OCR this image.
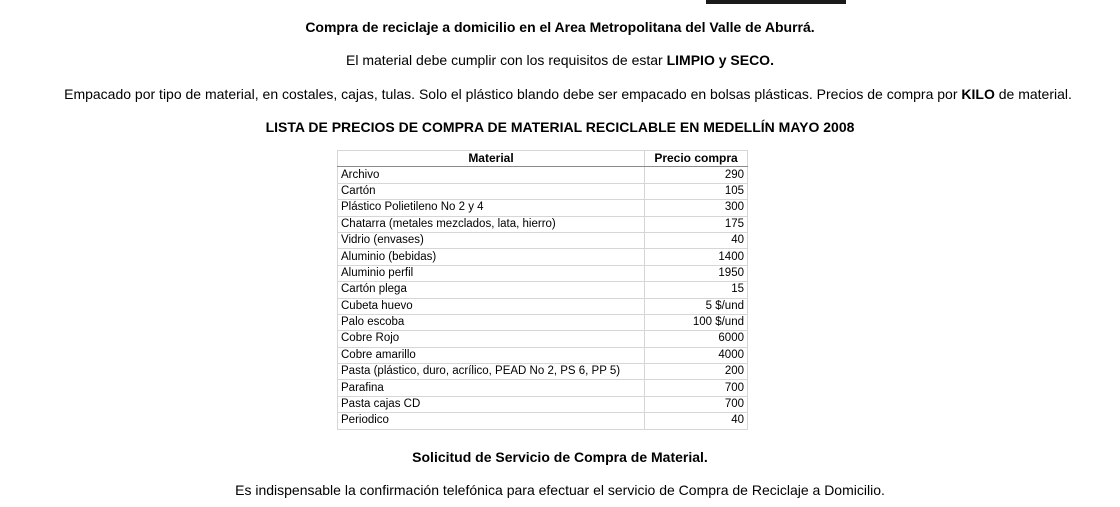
Compra de reciclaje a domicilio en el Area Metropolitana del Valle de Aburrá.
El material debe cumplir con los requisitos de estar LIMPIO y SECO.
Empacado por tipo de material, en costales, cajas, tulas. Solo el plástico blando debe ser empacado en bolsas plásticas. Precios de compra por KILO de material.
LISTA DE PRECIOS DE COMPRA DE MATERIAL RECICLABLE EN MEDELLÍN MAYO 2008
Material	Precio compra
Archivo	290
Cartón	105
Plástico Polietileno No 2 y 4	300
Chatarra (metales mezclados, lata, hierro)	175
Vidrio (envases)	40
Aluminio (bebidas)	1400
Aluminio perfil	1950
Cartón plega	15
Cubeta huevo	5 $/und
Palo escoba	100 $/und
Cobre Rojo	6000
Cobre amarillo	4000
Pasta (plástico, duro, acrílico, PEAD No 2, PS 6, PP 5)	200
Parafina	700
Pasta cajas CD	700
Periodico	40
Solicitud de Servicio de Compra de Material.
Es indispensable la confirmación telefónica para efectuar el servicio de Compra de Reciclaje a Domicilio.
